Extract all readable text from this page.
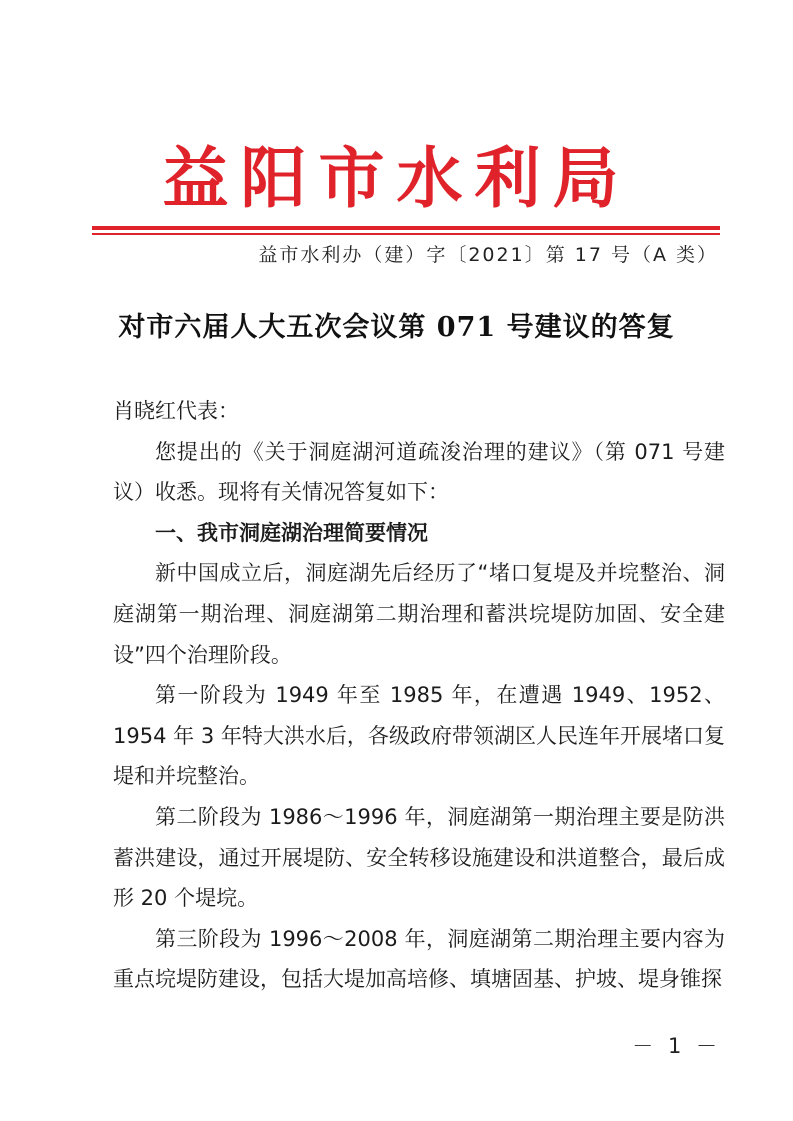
益阳市水利局
益市水利办（建）字〔2021〕第 17 号（A 类）
对市六届人大五次会议第 071 号建议的答复

肖晓红代表：

您提出的《关于洞庭湖河道疏浚治理的建议》（第 071 号建议）收悉。现将有关情况答复如下：

一、我市洞庭湖治理简要情况

新中国成立后，洞庭湖先后经历了“堵口复堤及并垸整治、洞庭湖第一期治理、洞庭湖第二期治理和蓄洪垸堤防加固、安全建设”四个治理阶段。

第一阶段为 1949 年至 1985 年，在遭遇 1949、1952、1954 年 3 年特大洪水后，各级政府带领湖区人民连年开展堵口复堤和并垸整治。

第二阶段为 1986～1996 年，洞庭湖第一期治理主要是防洪蓄洪建设，通过开展堤防、安全转移设施建设和洪道整合，最后成形 20 个堤垸。

第三阶段为 1996～2008 年，洞庭湖第二期治理主要内容为重点垸堤防建设，包括大堤加高培修、填塘固基、护坡、堤身锥探

－ 1 －
